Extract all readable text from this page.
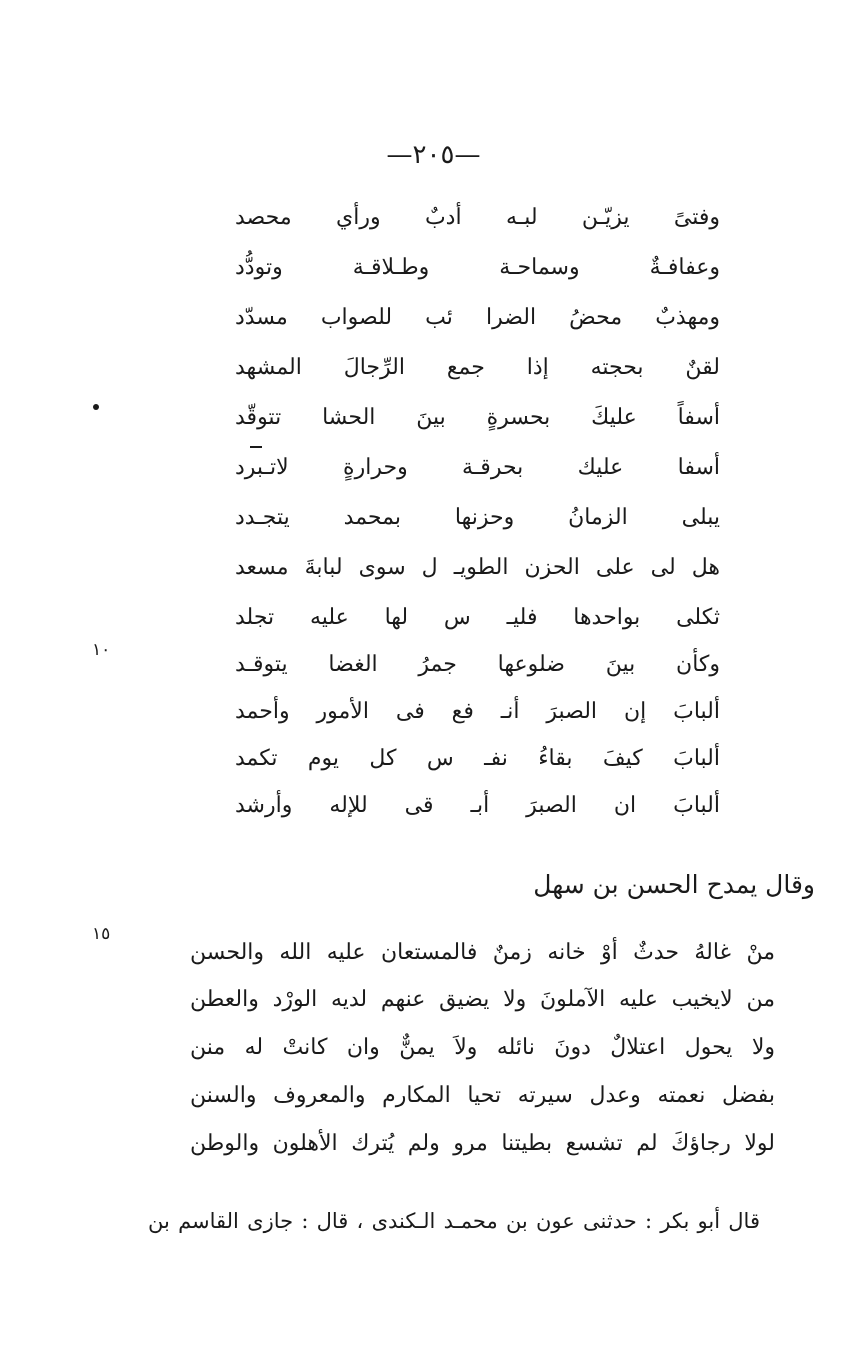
—٢٠٥—
وفتىً يزيّـن لبـه أدبٌ ورأي محصد
وعفافـةٌ وسماحـة وطـلاقـة وتودُّد
ومهذبٌ محضُ الضرا ئب للصواب مسدّد
لقنٌ بحجته إذا جمع الرِّجالَ المشهد
أسفاً عليكَ بحسرةٍ بينَ الحشا تتوقّد
أسفا عليك بحرقـة وحرارةٍ لاتـبرد
يبلى الزمانُ وحزنها بمحمد يتجـدد
هل لى على الحزن الطويـ ل سوى لبابةَ مسعد
ثكلى بواحدها فليـ س لها عليه تجلد
وكأن بينَ ضلوعها جمرُ الغضا يتوقـد
ألبابَ إن الصبرَ أنـ فع فى الأمور وأحمد
ألبابَ كيفَ بقاءُ نفـ س كل يوم تكمد
ألبابَ ان الصبرَ أبـ قى للإله وأرشد
١٠
وقال يمدح الحسن بن سهل
١٥
منْ غالهُ حدثٌ أوْ خانه زمنٌ فالمستعان عليه الله والحسن
من لايخيب عليه الآملونَ ولا يضيق عنهم لديه الورْد والعطن
ولا يحول اعتلالٌ دونَ نائله ولاَ يمنٌّ وان كانتْ له منن
بفضل نعمته وعدل سيرته تحيا المكارم والمعروف والسنن
لولا رجاؤكَ لم تشسع بطيتنا مرو ولم يُترك الأهلون والوطن
قال أبو بكر : حدثنى عون بن محمـد الـكندى ، قال : جازى القاسم بن
